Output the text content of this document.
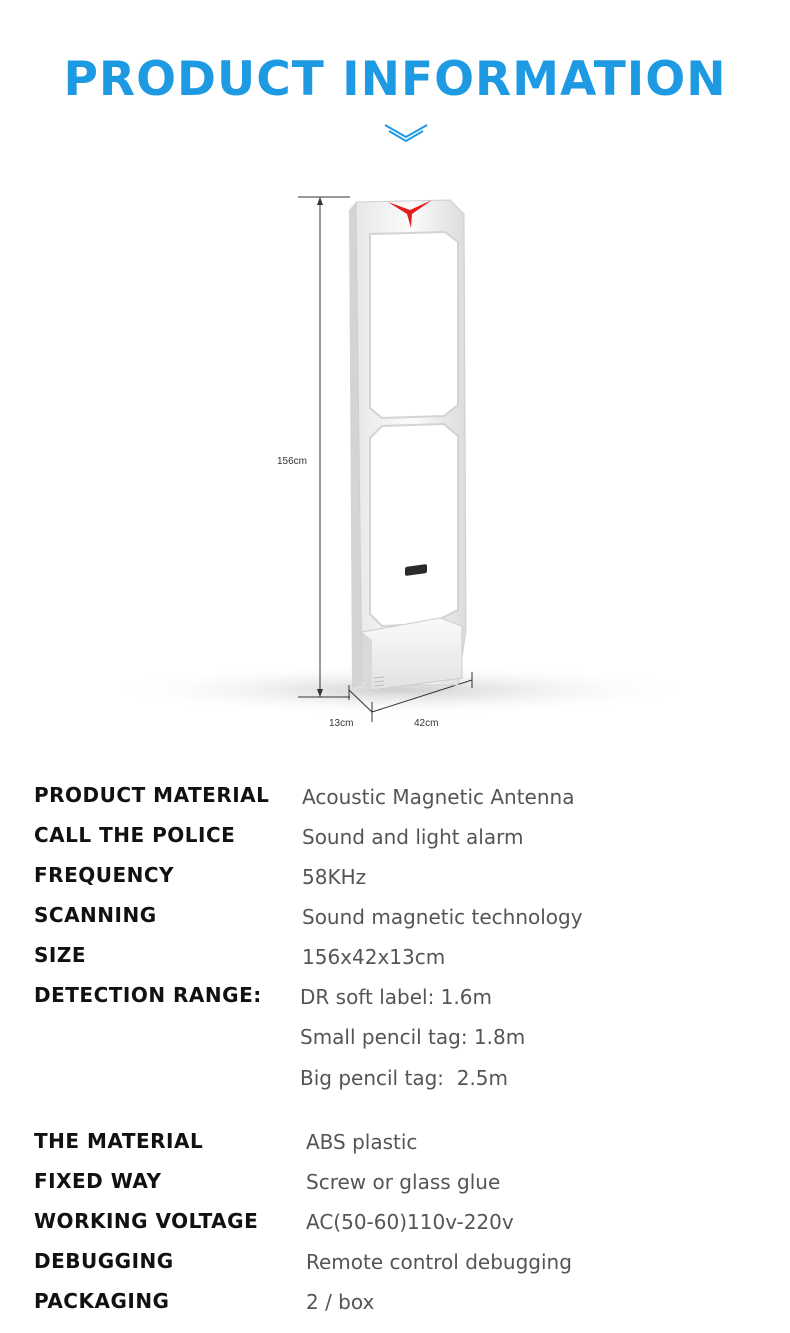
PRODUCT INFORMATION
156cm
13cm	42cm
PRODUCT MATERIAL Acoustic Magnetic Antenna
CALL THE POLICE	Sound and light alarm
FREQUENCY	58KHz
SCANNING	Sound magnetic technology
SIZE	156x42x13cm
DETECTION RANGE: DR soft label: 1.6m
Small pencil tag: 1.8m
Big pencil tag:  2.5m
THE MATERIAL	ABS plastic
FIXED WAY	Screw or glass glue
WORKING VOLTAGE AC(50-60)110v-220v
DEBUGGING	Remote control debugging
PACKAGING	2 / box
